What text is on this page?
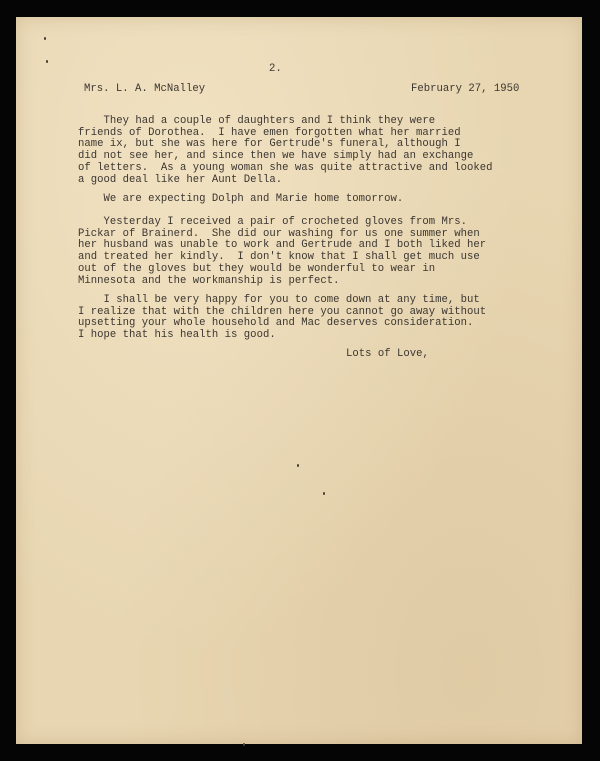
2.
Mrs. L. A. McNalley	February 27, 1950
They had a couple of daughters and I think they were
friends of Dorothea.  I have emen forgotten what her married
name ix, but she was here for Gertrude's funeral, although I
did not see her, and since then we have simply had an exchange
of letters.  As a young woman she was quite attractive and looked
a good deal like her Aunt Della.
We are expecting Dolph and Marie home tomorrow.
Yesterday I received a pair of crocheted gloves from Mrs.
Pickar of Brainerd.  She did our washing for us one summer when
her husband was unable to work and Gertrude and I both liked her
and treated her kindly.  I don't know that I shall get much use
out of the gloves but they would be wonderful to wear in
Minnesota and the workmanship is perfect.
I shall be very happy for you to come down at any time, but
I realize that with the children here you cannot go away without
upsetting your whole household and Mac deserves consideration.
I hope that his health is good.
Lots of Love,
